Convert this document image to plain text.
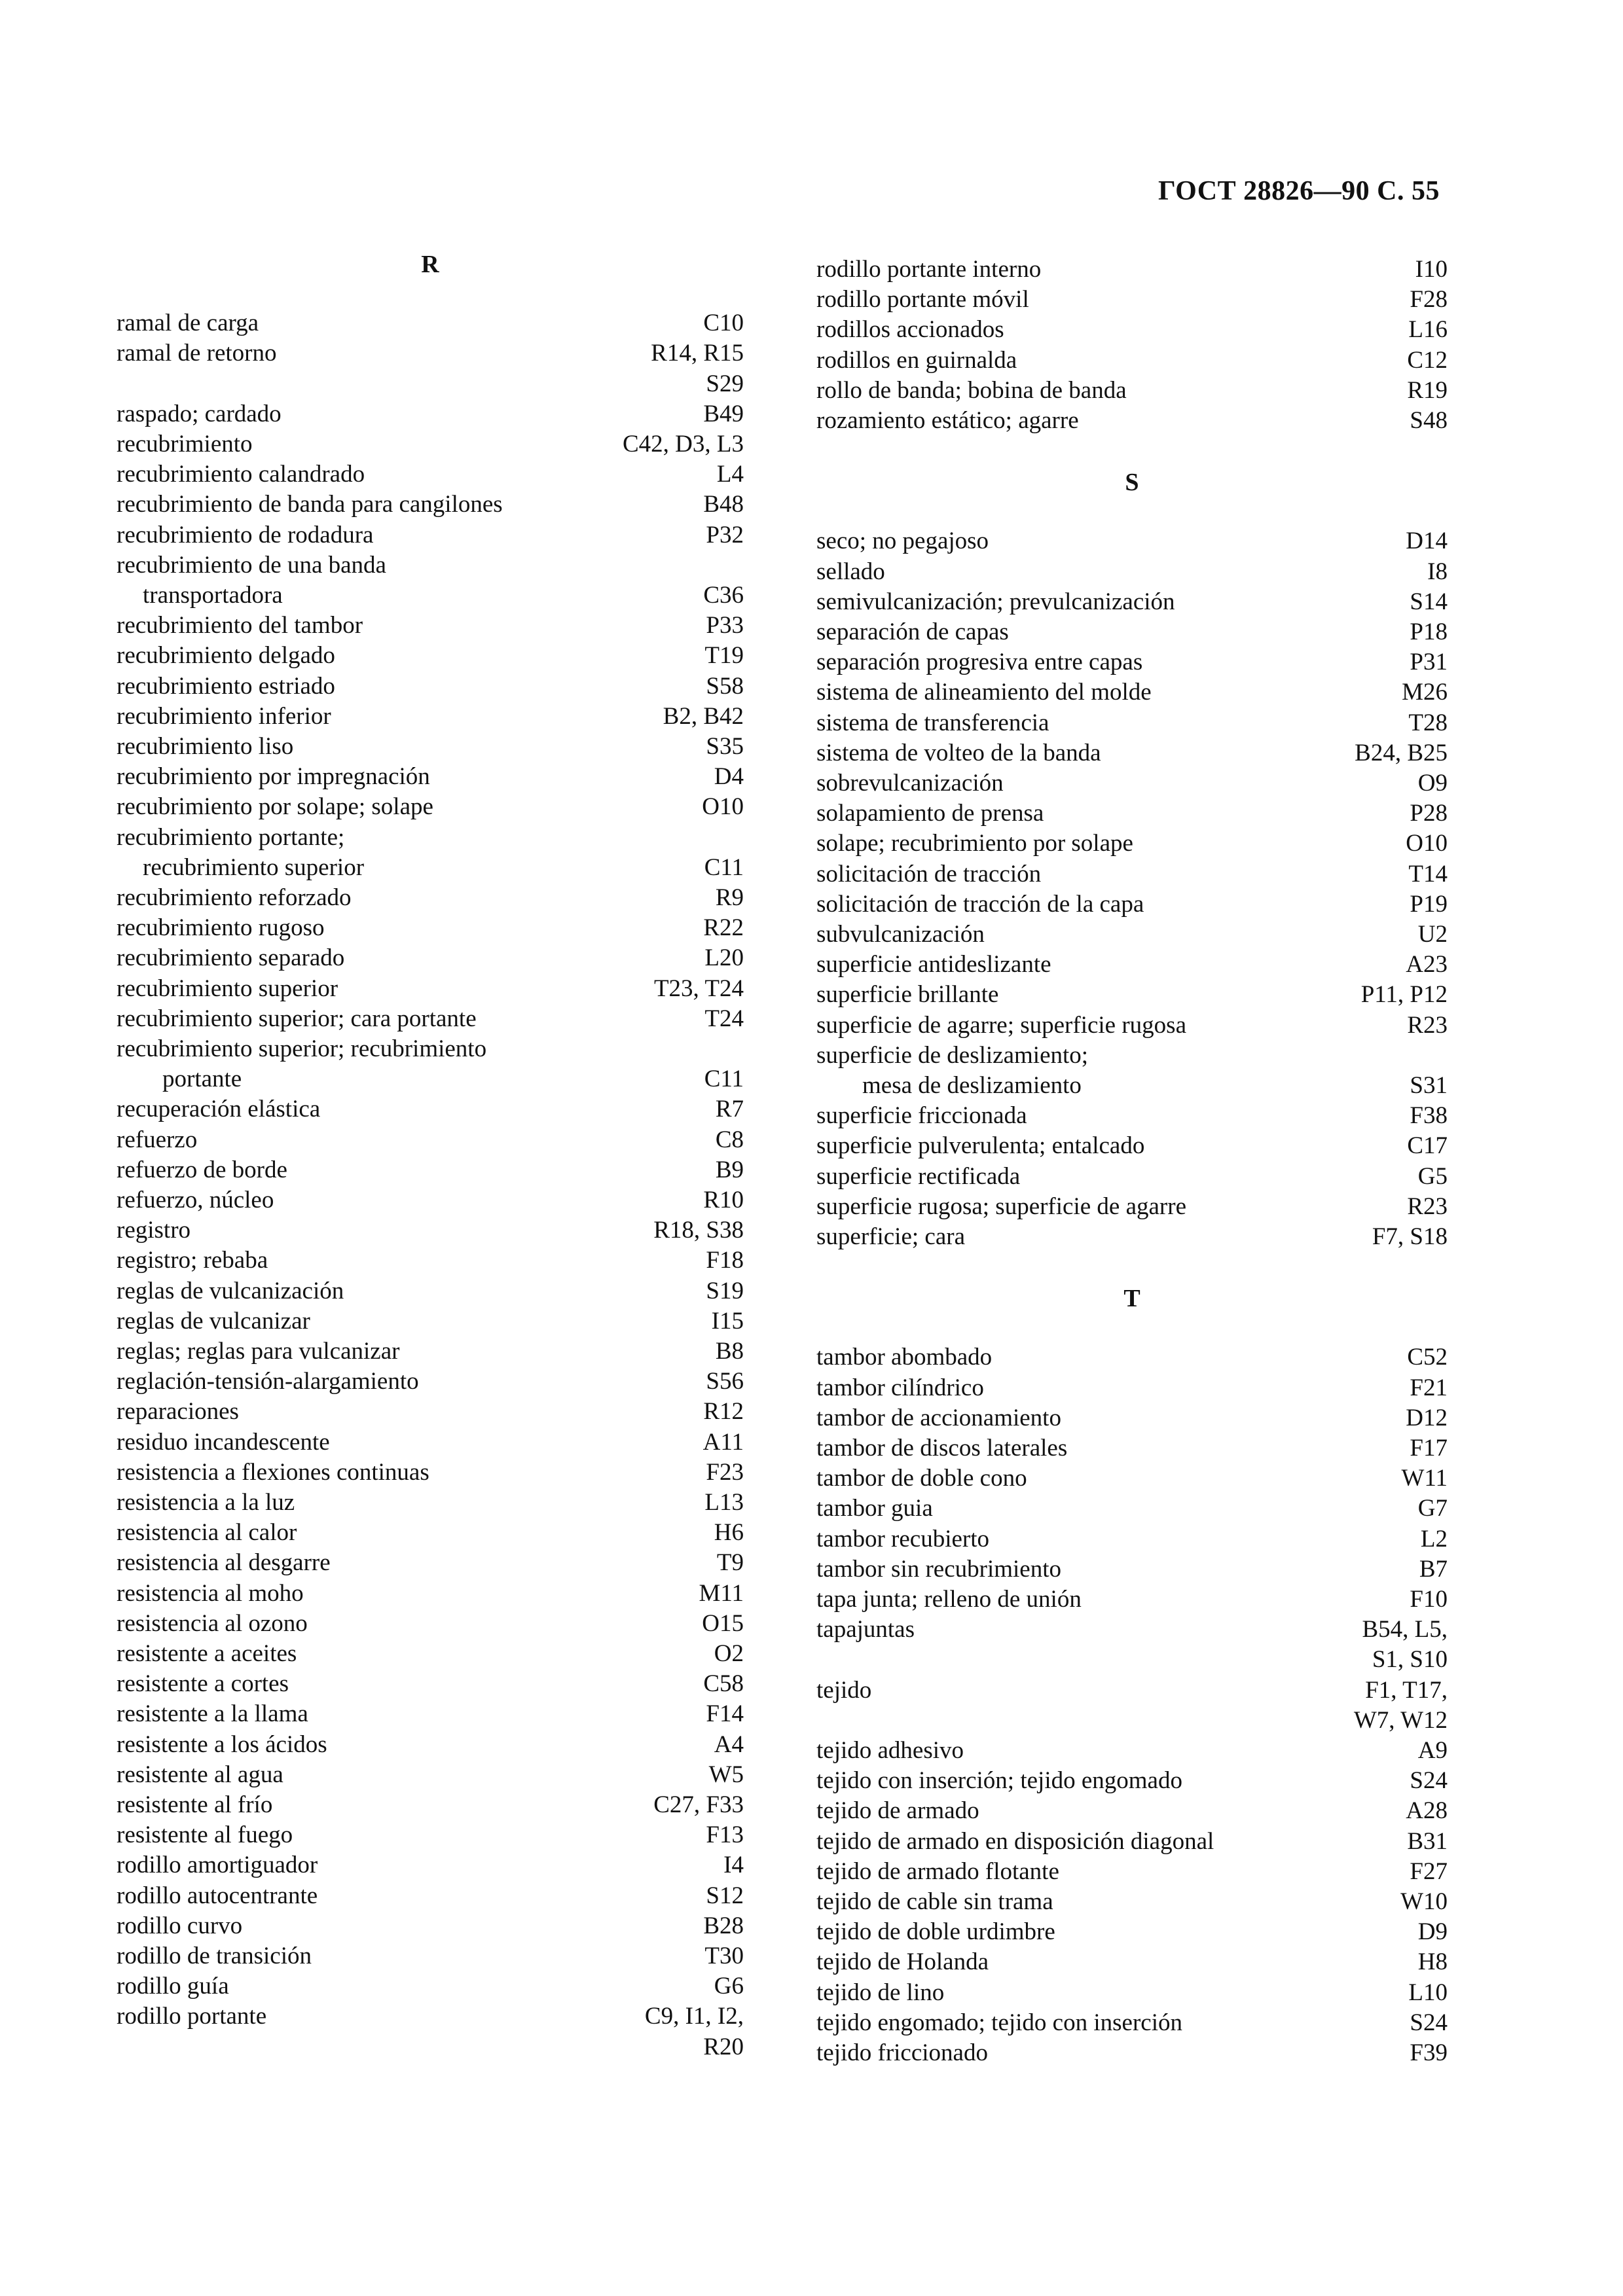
ГОСТ 28826—90 С. 55
R
ramal de carga	C10
ramal de retorno	R14, R15
S29
raspado; cardado	B49
recubrimiento	C42, D3, L3
recubrimiento calandrado	L4
recubrimiento de banda para cangilones	B48
recubrimiento de rodadura	P32
recubrimiento de una banda
transportadora	C36
recubrimiento del tambor	P33
recubrimiento delgado	T19
recubrimiento estriado	S58
recubrimiento inferior	B2, B42
recubrimiento liso	S35
recubrimiento por impregnación	D4
recubrimiento por solape; solape	O10
recubrimiento portante;
recubrimiento superior	C11
recubrimiento reforzado	R9
recubrimiento rugoso	R22
recubrimiento separado	L20
recubrimiento superior	T23, T24
recubrimiento superior; cara portante	T24
recubrimiento superior; recubrimiento
portante	C11
recuperación elástica	R7
refuerzo	C8
refuerzo de borde	B9
refuerzo, núcleo	R10
registro	R18, S38
registro; rebaba	F18
reglas de vulcanización	S19
reglas de vulcanizar	I15
reglas; reglas para vulcanizar	B8
reglación-tensión-alargamiento	S56
reparaciones	R12
residuo incandescente	A11
resistencia a flexiones continuas	F23
resistencia a la luz	L13
resistencia al calor	H6
resistencia al desgarre	T9
resistencia al moho	M11
resistencia al ozono	O15
resistente a aceites	O2
resistente a cortes	C58
resistente a la llama	F14
resistente a los ácidos	A4
resistente al agua	W5
resistente al frío	C27, F33
resistente al fuego	F13
rodillo amortiguador	I4
rodillo autocentrante	S12
rodillo curvo	B28
rodillo de transición	T30
rodillo guía	G6
rodillo portante	C9, I1, I2,
R20
rodillo portante interno	I10
rodillo portante móvil	F28
rodillos accionados	L16
rodillos en guirnalda	C12
rollo de banda; bobina de banda	R19
rozamiento estático; agarre	S48
S
seco; no pegajoso	D14
sellado	I8
semivulcanización; prevulcanización	S14
separación de capas	P18
separación progresiva entre capas	P31
sistema de alineamiento del molde	M26
sistema de transferencia	T28
sistema de volteo de la banda	B24, B25
sobrevulcanización	O9
solapamiento de prensa	P28
solape; recubrimiento por solape	O10
solicitación de tracción	T14
solicitación de tracción de la capa	P19
subvulcanización	U2
superficie antideslizante	A23
superficie brillante	P11, P12
superficie de agarre; superficie rugosa	R23
superficie de deslizamiento;
mesa de deslizamiento	S31
superficie friccionada	F38
superficie pulverulenta; entalcado	C17
superficie rectificada	G5
superficie rugosa; superficie de agarre	R23
superficie; cara	F7, S18
T
tambor abombado	C52
tambor cilíndrico	F21
tambor de accionamiento	D12
tambor de discos laterales	F17
tambor de doble cono	W11
tambor guia	G7
tambor recubierto	L2
tambor sin recubrimiento	B7
tapa junta; relleno de unión	F10
tapajuntas	B54, L5,
S1, S10
tejido	F1, T17,
W7, W12
tejido adhesivo	A9
tejido con inserción; tejido engomado	S24
tejido de armado	A28
tejido de armado en disposición diagonal	B31
tejido de armado flotante	F27
tejido de cable sin trama	W10
tejido de doble urdimbre	D9
tejido de Holanda	H8
tejido de lino	L10
tejido engomado; tejido con inserción	S24
tejido friccionado	F39
